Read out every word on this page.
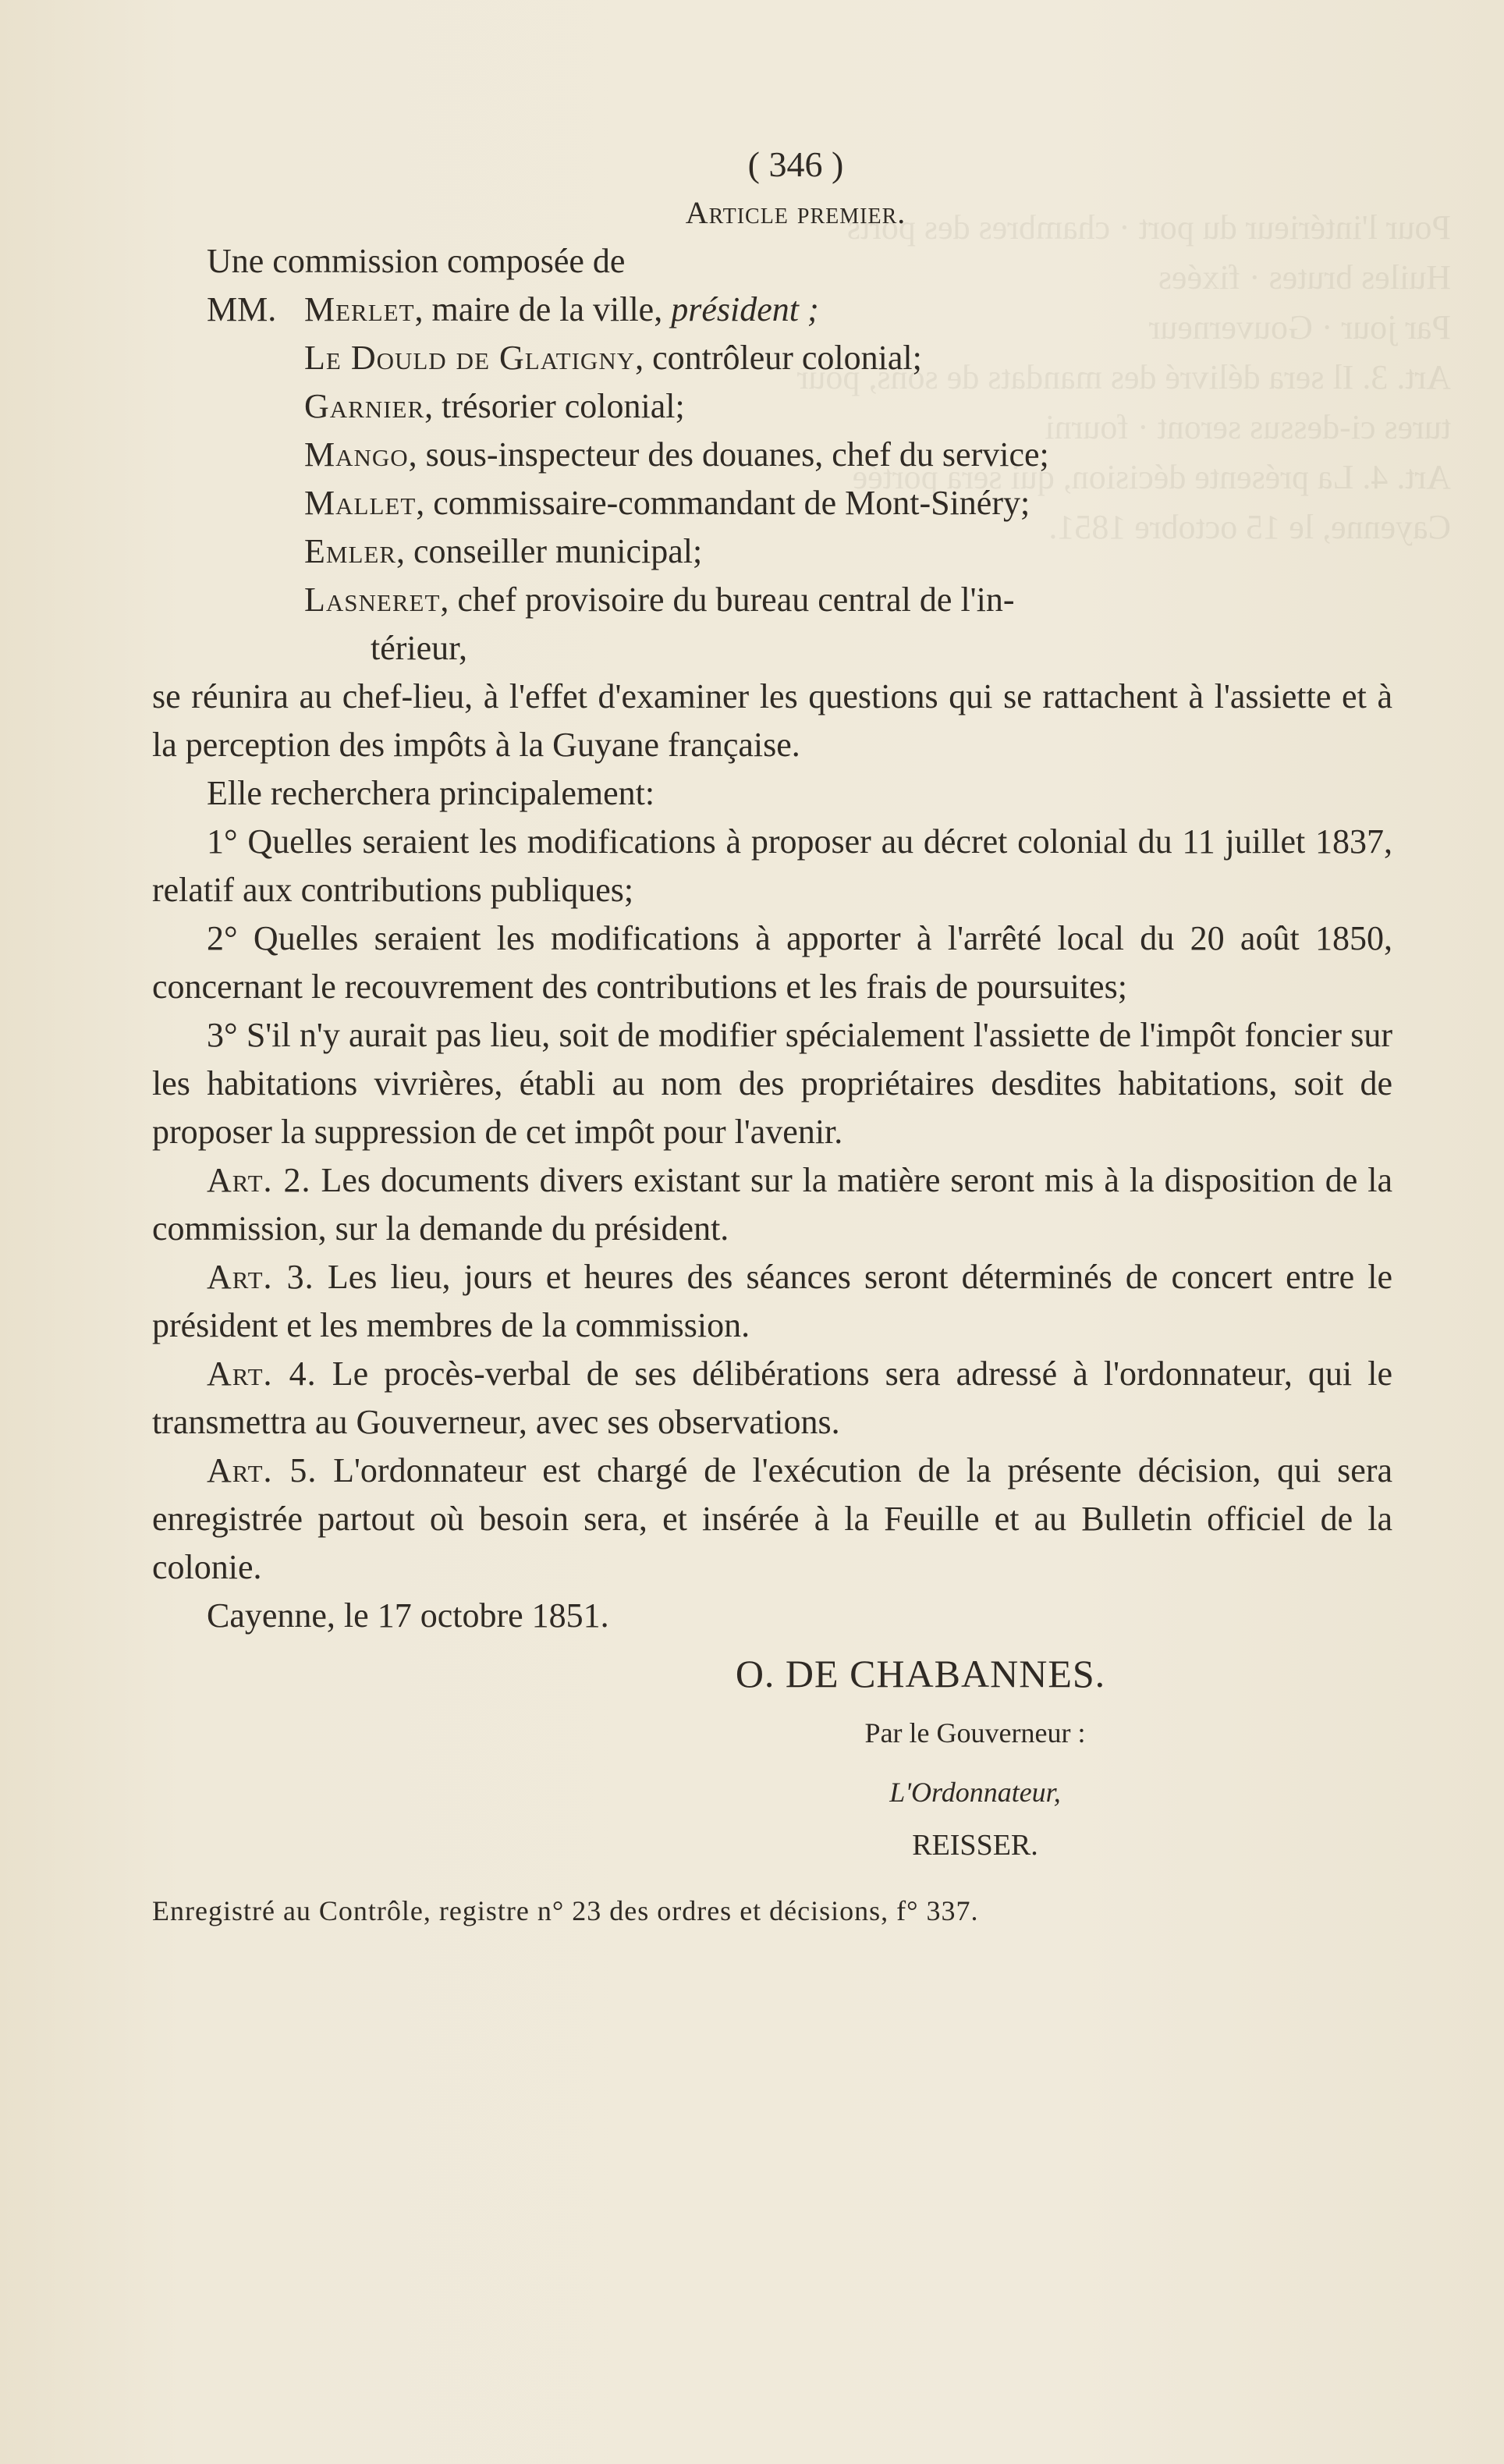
Pour l'intérieur du port · chambres des ports
Huiles brutes · fixées
Par jour · Gouverneur
Art. 3. Il sera délivré des mandats de sons, pour
tures ci-dessus seront · fourni
Art. 4. La présente décision, qui sera portée
Cayenne, le 15 octobre 1851.
( 346 )
Article premier.
Une commission composée de
MM. Merlet, maire de la ville, président ;
Le Dould de Glatigny, contrôleur colonial;
Garnier, trésorier colonial;
Mango, sous-inspecteur des douanes, chef du service;
Mallet, commissaire-commandant de Mont-Sinéry;
Emler, conseiller municipal;
Lasneret, chef provisoire du bureau central de l'in-
térieur,
se réunira au chef-lieu, à l'effet d'examiner les questions qui se rattachent à l'assiette et à la perception des impôts à la Guyane française.
Elle recherchera principalement:
1° Quelles seraient les modifications à proposer au décret colonial du 11 juillet 1837, relatif aux contributions publiques;
2° Quelles seraient les modifications à apporter à l'arrêté local du 20 août 1850, concernant le recouvrement des contributions et les frais de poursuites;
3° S'il n'y aurait pas lieu, soit de modifier spécialement l'assiette de l'impôt foncier sur les habitations vivrières, établi au nom des propriétaires desdites habitations, soit de proposer la suppression de cet impôt pour l'avenir.
Art. 2. Les documents divers existant sur la matière seront mis à la disposition de la commission, sur la demande du président.
Art. 3. Les lieu, jours et heures des séances seront déterminés de concert entre le président et les membres de la commission.
Art. 4. Le procès-verbal de ses délibérations sera adressé à l'ordonnateur, qui le transmettra au Gouverneur, avec ses observations.
Art. 5. L'ordonnateur est chargé de l'exécution de la présente décision, qui sera enregistrée partout où besoin sera, et insérée à la Feuille et au Bulletin officiel de la colonie.
Cayenne, le 17 octobre 1851.
O. DE CHABANNES.
Par le Gouverneur :
L'Ordonnateur,
REISSER.
Enregistré au Contrôle, registre n° 23 des ordres et décisions, f° 337.
